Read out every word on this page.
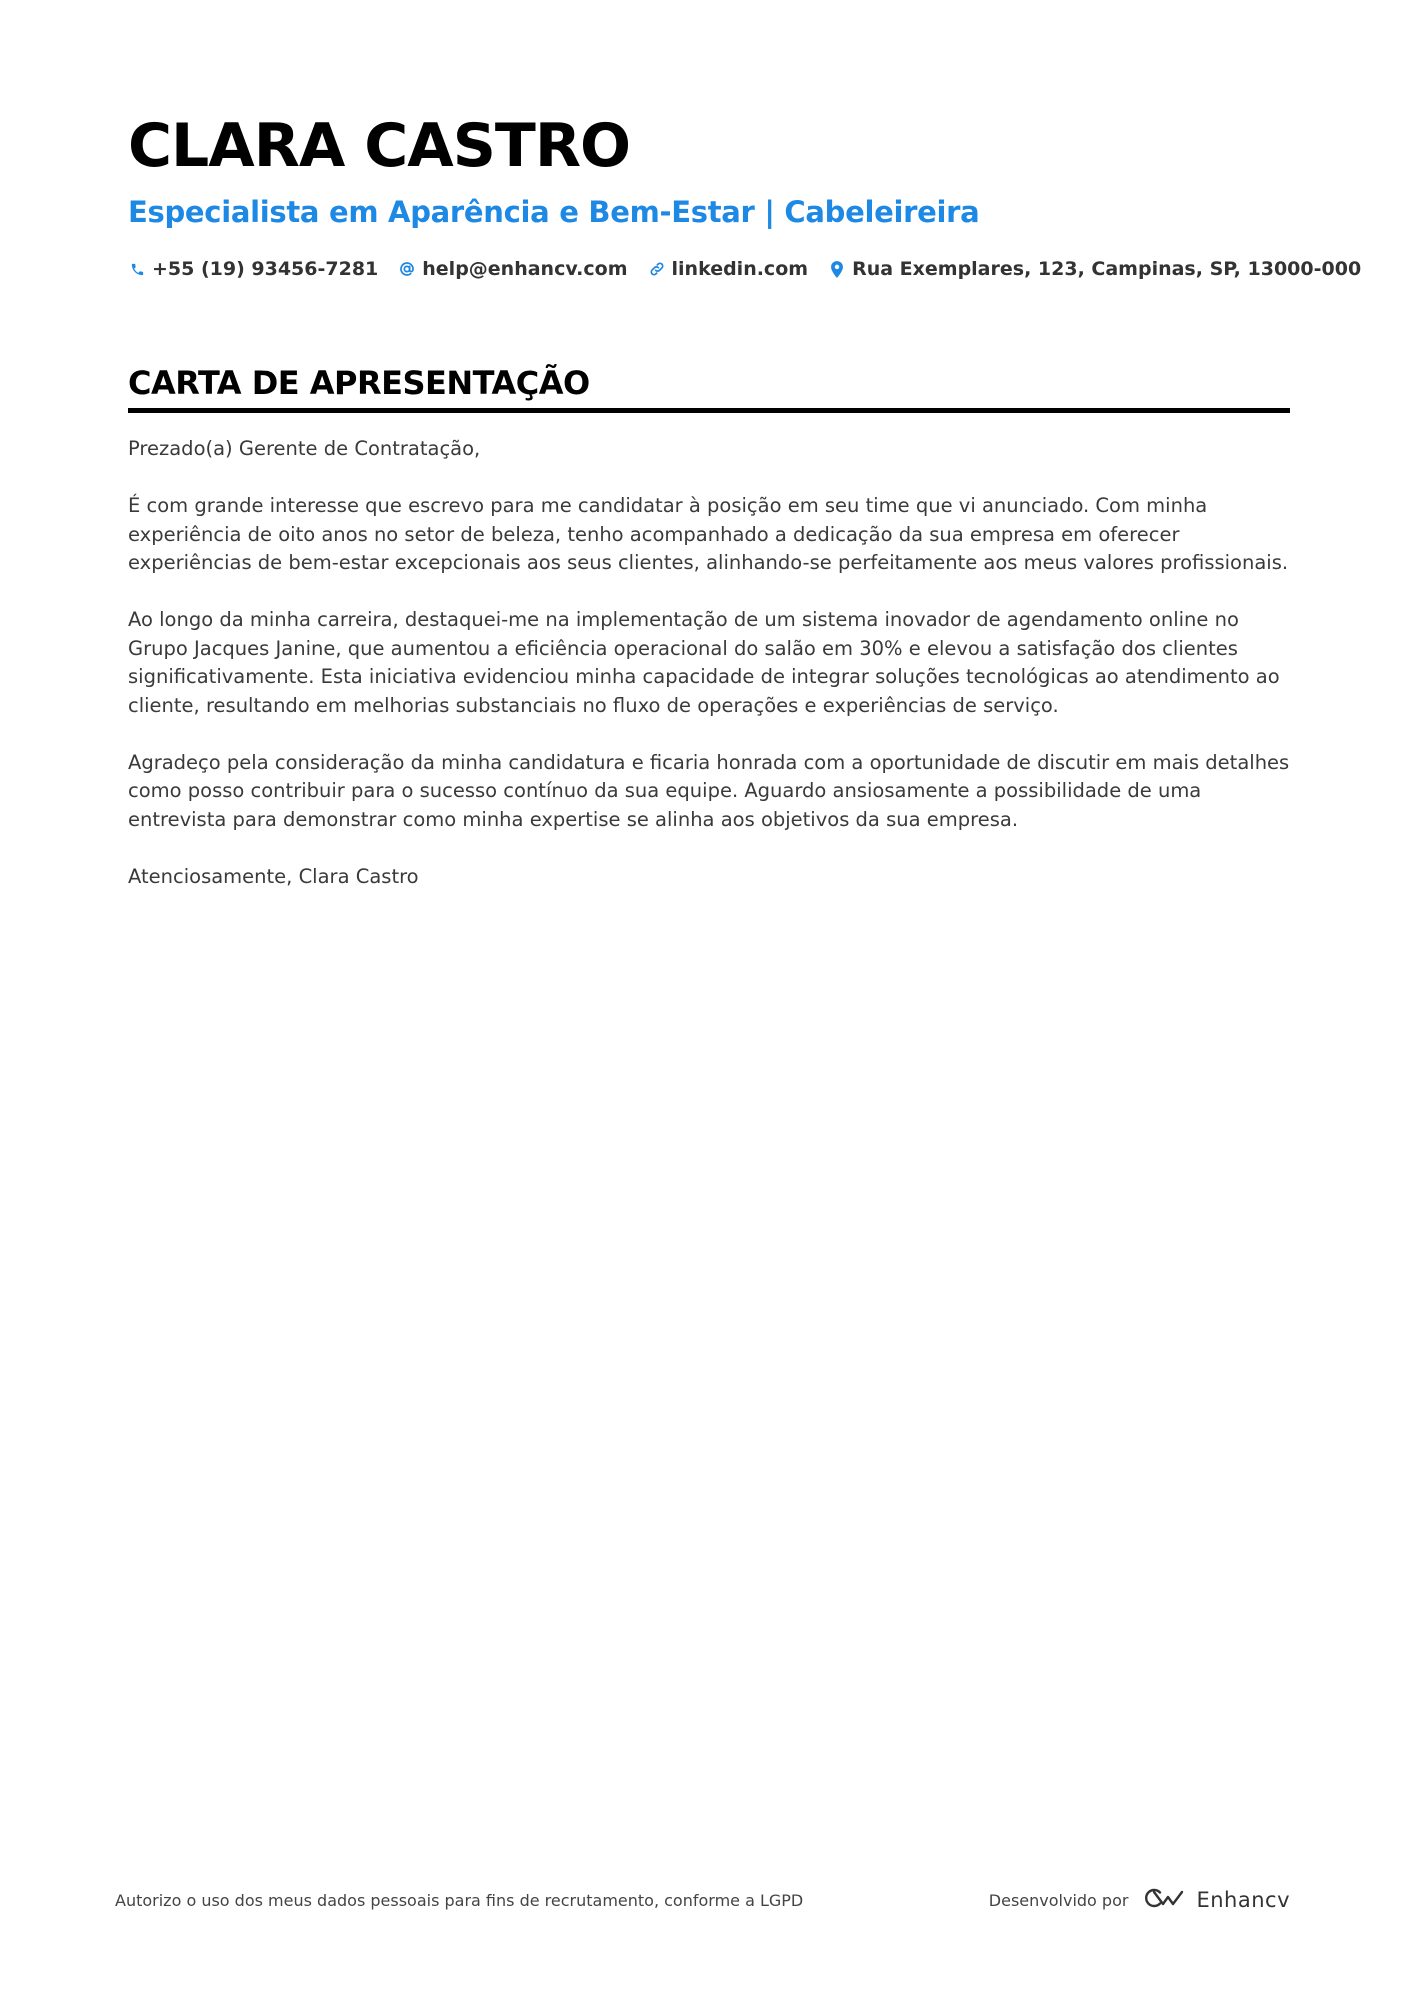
CLARA CASTRO
Especialista em Aparência e Bem-Estar | Cabeleireira
+55 (19) 93456-7281 help@enhancv.com linkedin.com Rua Exemplares, 123, Campinas, SP, 13000-000
CARTA DE APRESENTAÇÃO

Prezado(a) Gerente de Contratação,

É com grande interesse que escrevo para me candidatar à posição em seu time que vi anunciado. Com minha experiência de oito anos no setor de beleza, tenho acompanhado a dedicação da sua empresa em oferecer experiências de bem-estar excepcionais aos seus clientes, alinhando-se perfeitamente aos meus valores profissionais.

Ao longo da minha carreira, destaquei-me na implementação de um sistema inovador de agendamento online no Grupo Jacques Janine, que aumentou a eficiência operacional do salão em 30% e elevou a satisfação dos clientes significativamente. Esta iniciativa evidenciou minha capacidade de integrar soluções tecnológicas ao atendimento ao cliente, resultando em melhorias substanciais no fluxo de operações e experiências de serviço.

Agradeço pela consideração da minha candidatura e ficaria honrada com a oportunidade de discutir em mais detalhes como posso contribuir para o sucesso contínuo da sua equipe. Aguardo ansiosamente a possibilidade de uma entrevista para demonstrar como minha expertise se alinha aos objetivos da sua empresa.

Atenciosamente, Clara Castro

Autorizo o uso dos meus dados pessoais para fins de recrutamento, conforme a LGPD	Desenvolvido por	Enhancv
